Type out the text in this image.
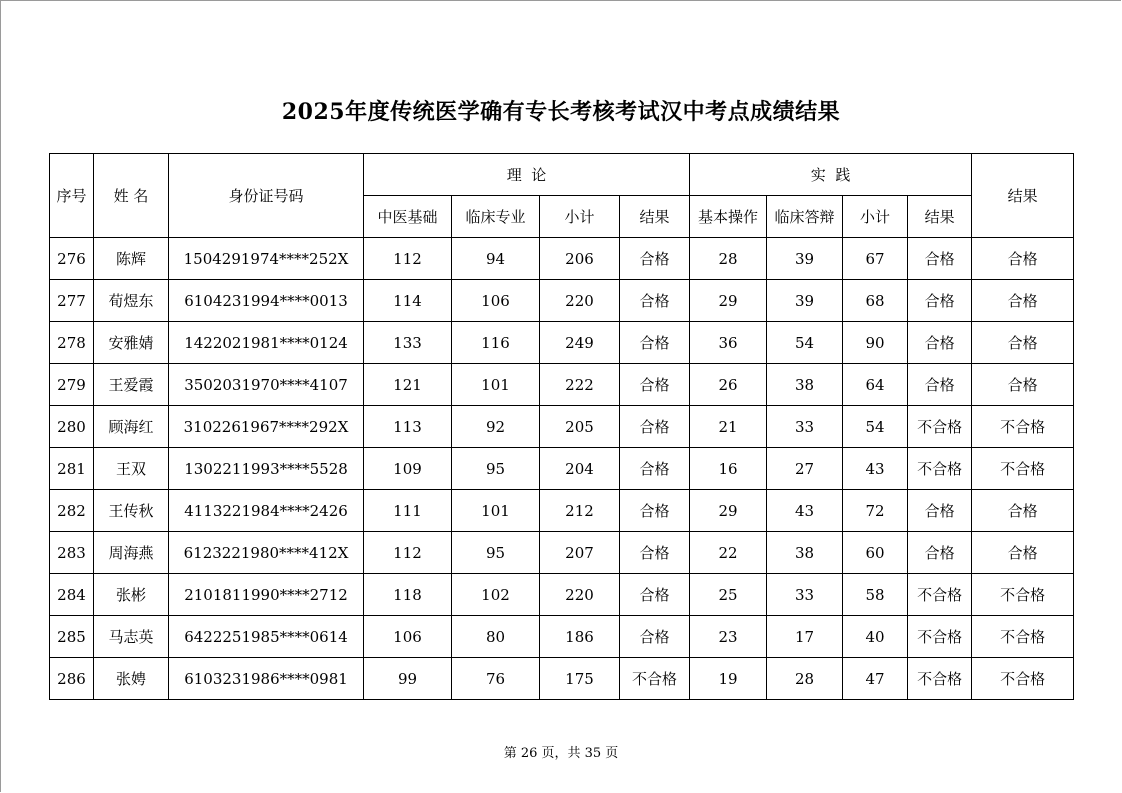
2025年度传统医学确有专长考核考试汉中考点成绩结果
序号	姓 名	身份证号码	理  论				实  践				结果
			中医基础	临床专业	小计	结果	基本操作	临床答辩	小计	结果	
276	陈辉	1504291974****252X	112	94	206	合格	28	39	67	合格	合格
277	荀煜东	6104231994****0013	114	106	220	合格	29	39	68	合格	合格
278	安雅婧	1422021981****0124	133	116	249	合格	36	54	90	合格	合格
279	王爱霞	3502031970****4107	121	101	222	合格	26	38	64	合格	合格
280	顾海红	3102261967****292X	113	92	205	合格	21	33	54	不合格	不合格
281	王双	1302211993****5528	109	95	204	合格	16	27	43	不合格	不合格
282	王传秋	4113221984****2426	111	101	212	合格	29	43	72	合格	合格
283	周海燕	6123221980****412X	112	95	207	合格	22	38	60	合格	合格
284	张彬	2101811990****2712	118	102	220	合格	25	33	58	不合格	不合格
285	马志英	6422251985****0614	106	80	186	合格	23	17	40	不合格	不合格
286	张娉	6103231986****0981	99	76	175	不合格	19	28	47	不合格	不合格
第 26 页，共 35 页
